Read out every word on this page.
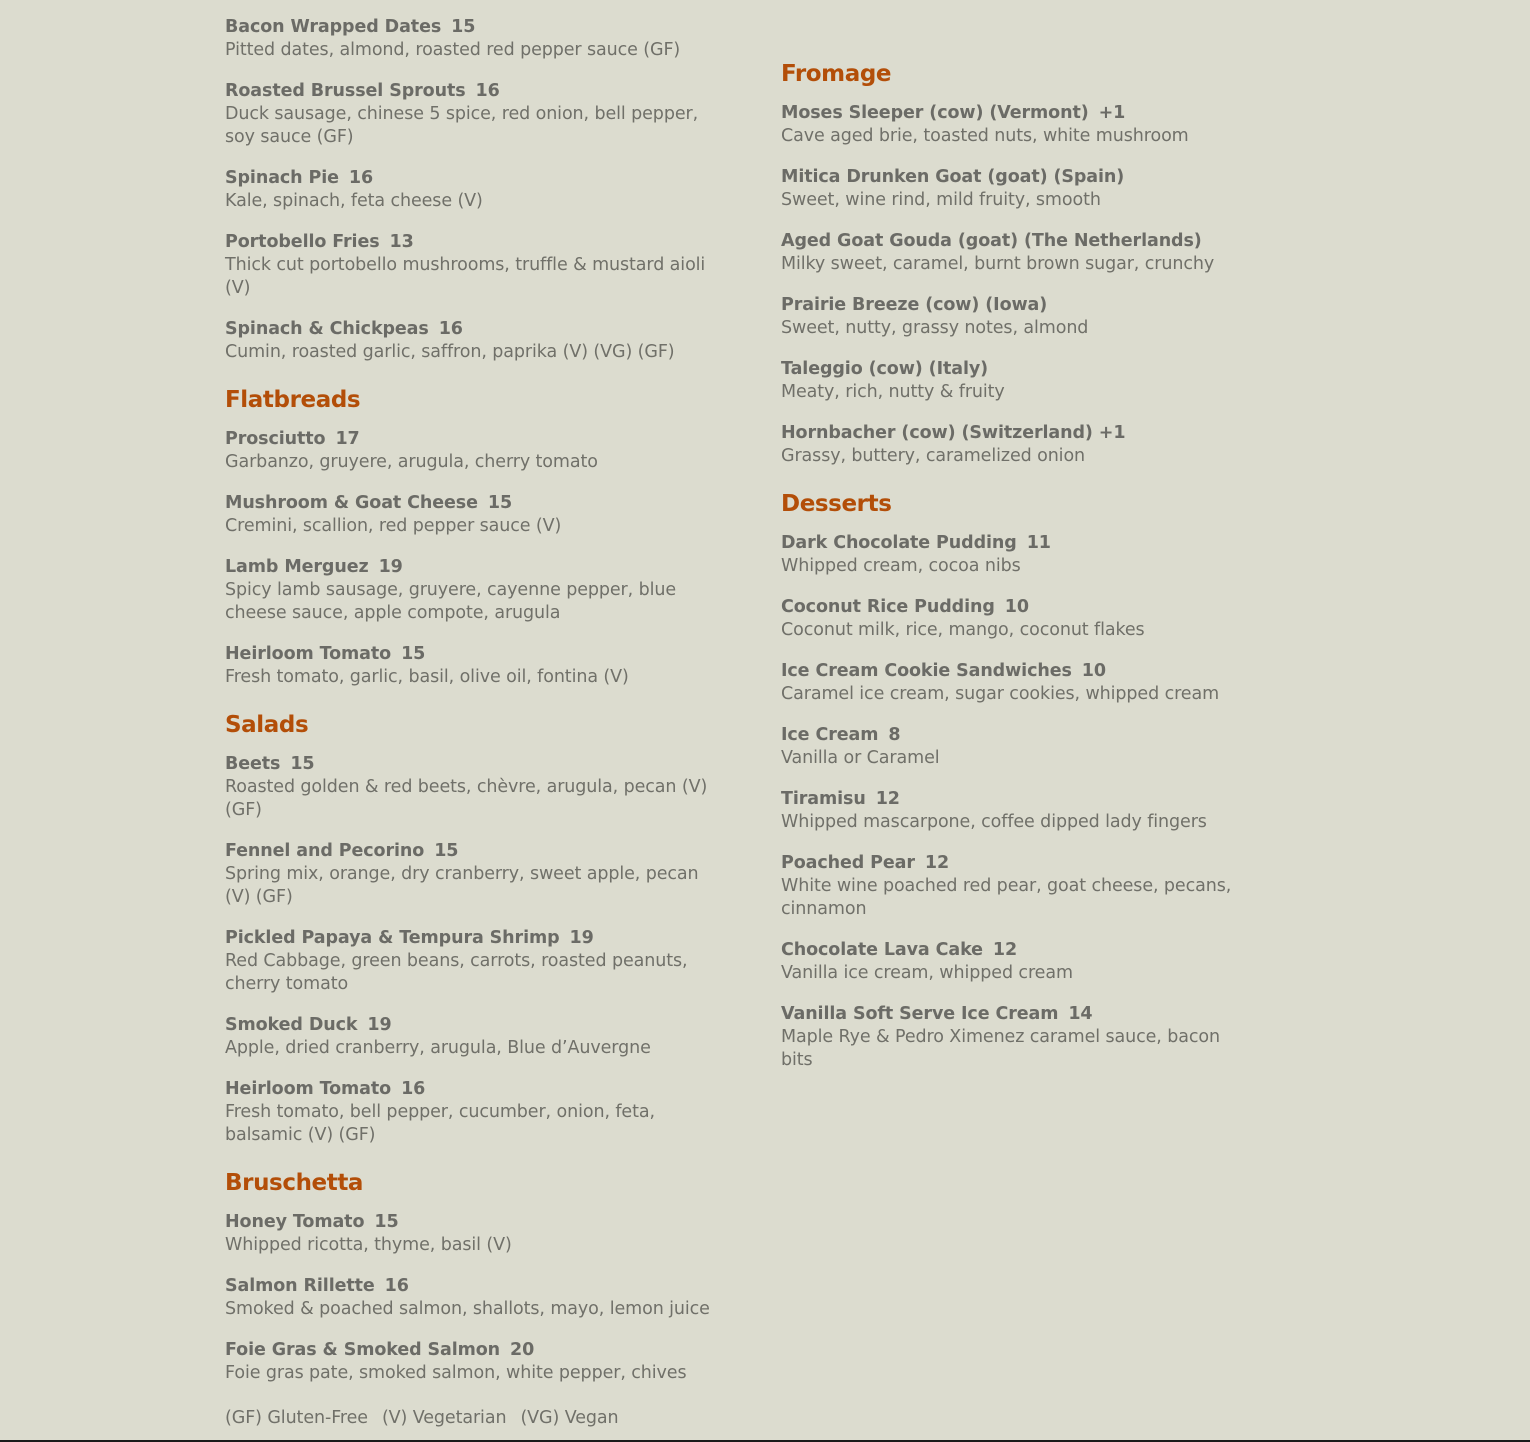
Bacon Wrapped Dates 15
Pitted dates, almond, roasted red pepper sauce (GF)
Roasted Brussel Sprouts 16
Duck sausage, chinese 5 spice, red onion, bell pepper, soy sauce (GF)
Spinach Pie 16
Kale, spinach, feta cheese (V)
Portobello Fries 13
Thick cut portobello mushrooms, truffle & mustard aioli (V)
Spinach & Chickpeas 16
Cumin, roasted garlic, saffron, paprika (V) (VG) (GF)
Flatbreads
Prosciutto 17
Garbanzo, gruyere, arugula, cherry tomato
Mushroom & Goat Cheese 15
Cremini, scallion, red pepper sauce (V)
Lamb Merguez 19
Spicy lamb sausage, gruyere, cayenne pepper, blue cheese sauce, apple compote, arugula
Heirloom Tomato 15
Fresh tomato, garlic, basil, olive oil, fontina (V)
Salads
Beets 15
Roasted golden & red beets, chèvre, arugula, pecan (V) (GF)
Fennel and Pecorino 15
Spring mix, orange, dry cranberry, sweet apple, pecan (V) (GF)
Pickled Papaya & Tempura Shrimp 19
Red Cabbage, green beans, carrots, roasted peanuts, cherry tomato
Smoked Duck 19
Apple, dried cranberry, arugula, Blue d’Auvergne
Heirloom Tomato 16
Fresh tomato, bell pepper, cucumber, onion, feta, balsamic (V) (GF)
Bruschetta
Honey Tomato 15
Whipped ricotta, thyme, basil (V)
Salmon Rillette 16
Smoked & poached salmon, shallots, mayo, lemon juice
Foie Gras & Smoked Salmon 20
Foie gras pate, smoked salmon, white pepper, chives
(GF) Gluten-Free (V) Vegetarian (VG) Vegan
Fromage
Moses Sleeper (cow) (Vermont) +1
Cave aged brie, toasted nuts, white mushroom
Mitica Drunken Goat (goat) (Spain)
Sweet, wine rind, mild fruity, smooth
Aged Goat Gouda (goat) (The Netherlands)
Milky sweet, caramel, burnt brown sugar, crunchy
Prairie Breeze (cow) (Iowa)
Sweet, nutty, grassy notes, almond
Taleggio (cow) (Italy)
Meaty, rich, nutty & fruity
Hornbacher (cow) (Switzerland) +1
Grassy, buttery, caramelized onion
Desserts
Dark Chocolate Pudding 11
Whipped cream, cocoa nibs
Coconut Rice Pudding 10
Coconut milk, rice, mango, coconut flakes
Ice Cream Cookie Sandwiches 10
Caramel ice cream, sugar cookies, whipped cream
Ice Cream 8
Vanilla or Caramel
Tiramisu 12
Whipped mascarpone, coffee dipped lady fingers
Poached Pear 12
White wine poached red pear, goat cheese, pecans, cinnamon
Chocolate Lava Cake 12
Vanilla ice cream, whipped cream
Vanilla Soft Serve Ice Cream 14
Maple Rye & Pedro Ximenez caramel sauce, bacon bits
